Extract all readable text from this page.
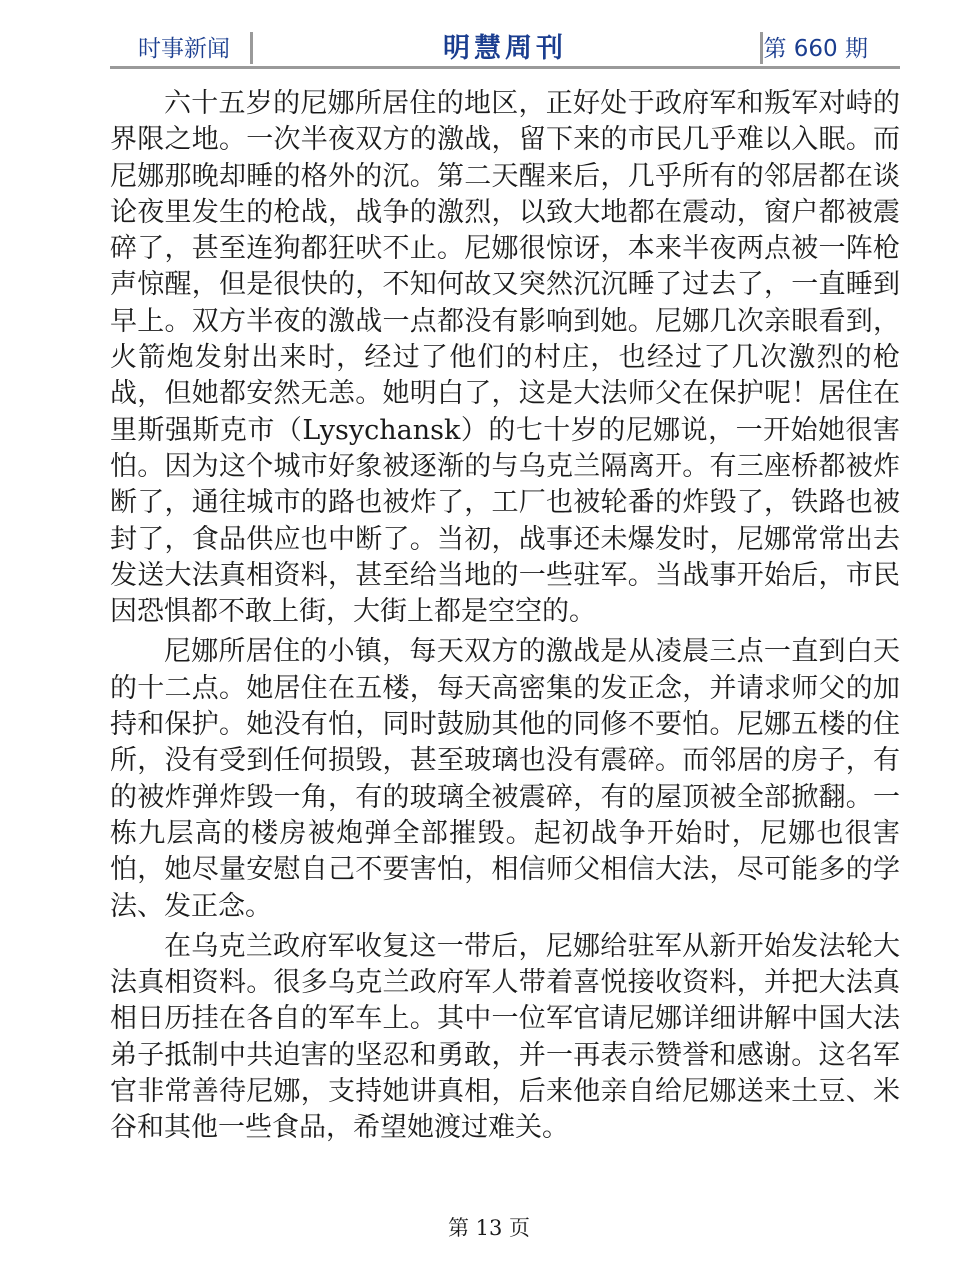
时事新闻	明慧周刊	第 660 期

六十五岁的尼娜所居住的地区，正好处于政府军和叛军对峙的界限之地。一次半夜双方的激战，留下来的市民几乎难以入眠。而尼娜那晚却睡的格外的沉。第二天醒来后，几乎所有的邻居都在谈论夜里发生的枪战，战争的激烈，以致大地都在震动，窗户都被震碎了，甚至连狗都狂吠不止。尼娜很惊讶，本来半夜两点被一阵枪声惊醒，但是很快的，不知何故又突然沉沉睡了过去了，一直睡到早上。双方半夜的激战一点都没有影响到她。尼娜几次亲眼看到，火箭炮发射出来时，经过了他们的村庄，也经过了几次激烈的枪战，但她都安然无恙。她明白了，这是大法师父在保护呢！居住在里斯强斯克市（Lysychansk）的七十岁的尼娜说，一开始她很害怕。因为这个城市好象被逐渐的与乌克兰隔离开。有三座桥都被炸断了，通往城市的路也被炸了，工厂也被轮番的炸毁了，铁路也被封了，食品供应也中断了。当初，战事还未爆发时，尼娜常常出去发送大法真相资料，甚至给当地的一些驻军。当战事开始后，市民因恐惧都不敢上街，大街上都是空空的。

尼娜所居住的小镇，每天双方的激战是从凌晨三点一直到白天的十二点。她居住在五楼，每天高密集的发正念，并请求师父的加持和保护。她没有怕，同时鼓励其他的同修不要怕。尼娜五楼的住所，没有受到任何损毁，甚至玻璃也没有震碎。而邻居的房子，有的被炸弹炸毁一角，有的玻璃全被震碎，有的屋顶被全部掀翻。一栋九层高的楼房被炮弹全部摧毁。起初战争开始时，尼娜也很害怕，她尽量安慰自己不要害怕，相信师父相信大法，尽可能多的学法、发正念。

在乌克兰政府军收复这一带后，尼娜给驻军从新开始发法轮大法真相资料。很多乌克兰政府军人带着喜悦接收资料，并把大法真相日历挂在各自的军车上。其中一位军官请尼娜详细讲解中国大法弟子抵制中共迫害的坚忍和勇敢，并一再表示赞誉和感谢。这名军官非常善待尼娜，支持她讲真相，后来他亲自给尼娜送来土豆、米谷和其他一些食品，希望她渡过难关。

第 13 页
